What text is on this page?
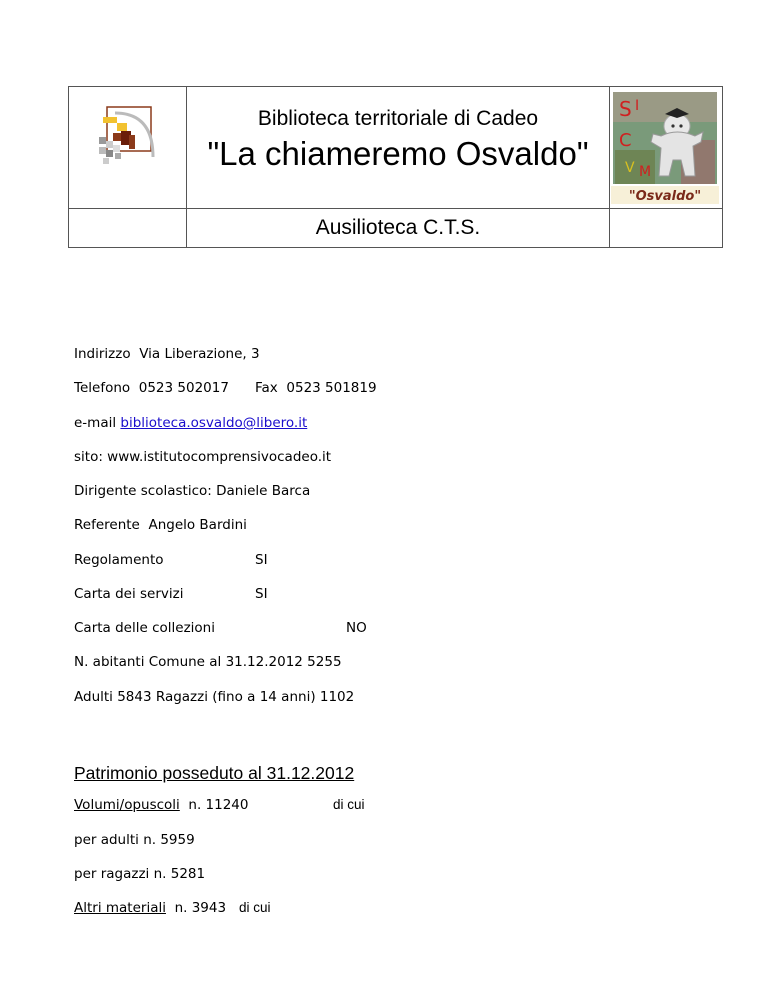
Biblioteca territoriale di Cadeo
"La chiameremo Osvaldo"
Ausilioteca C.T.S.
S I
C
V M
"Osvaldo"
Indirizzo Via Liberazione, 3
Telefono 0523 502017 Fax 0523 501819
e-mail biblioteca.osvaldo@libero.it
sito: www.istitutocomprensivocadeo.it
Dirigente scolastico: Daniele Barca
Referente Angelo Bardini
Regolamento	SI
Carta dei servizi	SI
Carta delle collezioni	NO
N. abitanti Comune al 31.12.2012 5255
Adulti 5843 Ragazzi (fino a 14 anni) 1102
Patrimonio posseduto al 31.12.2012
Volumi/opuscoli n. 11240	di cui
per adulti n. 5959
per ragazzi n. 5281
Altri materiali n. 3943 di cui
